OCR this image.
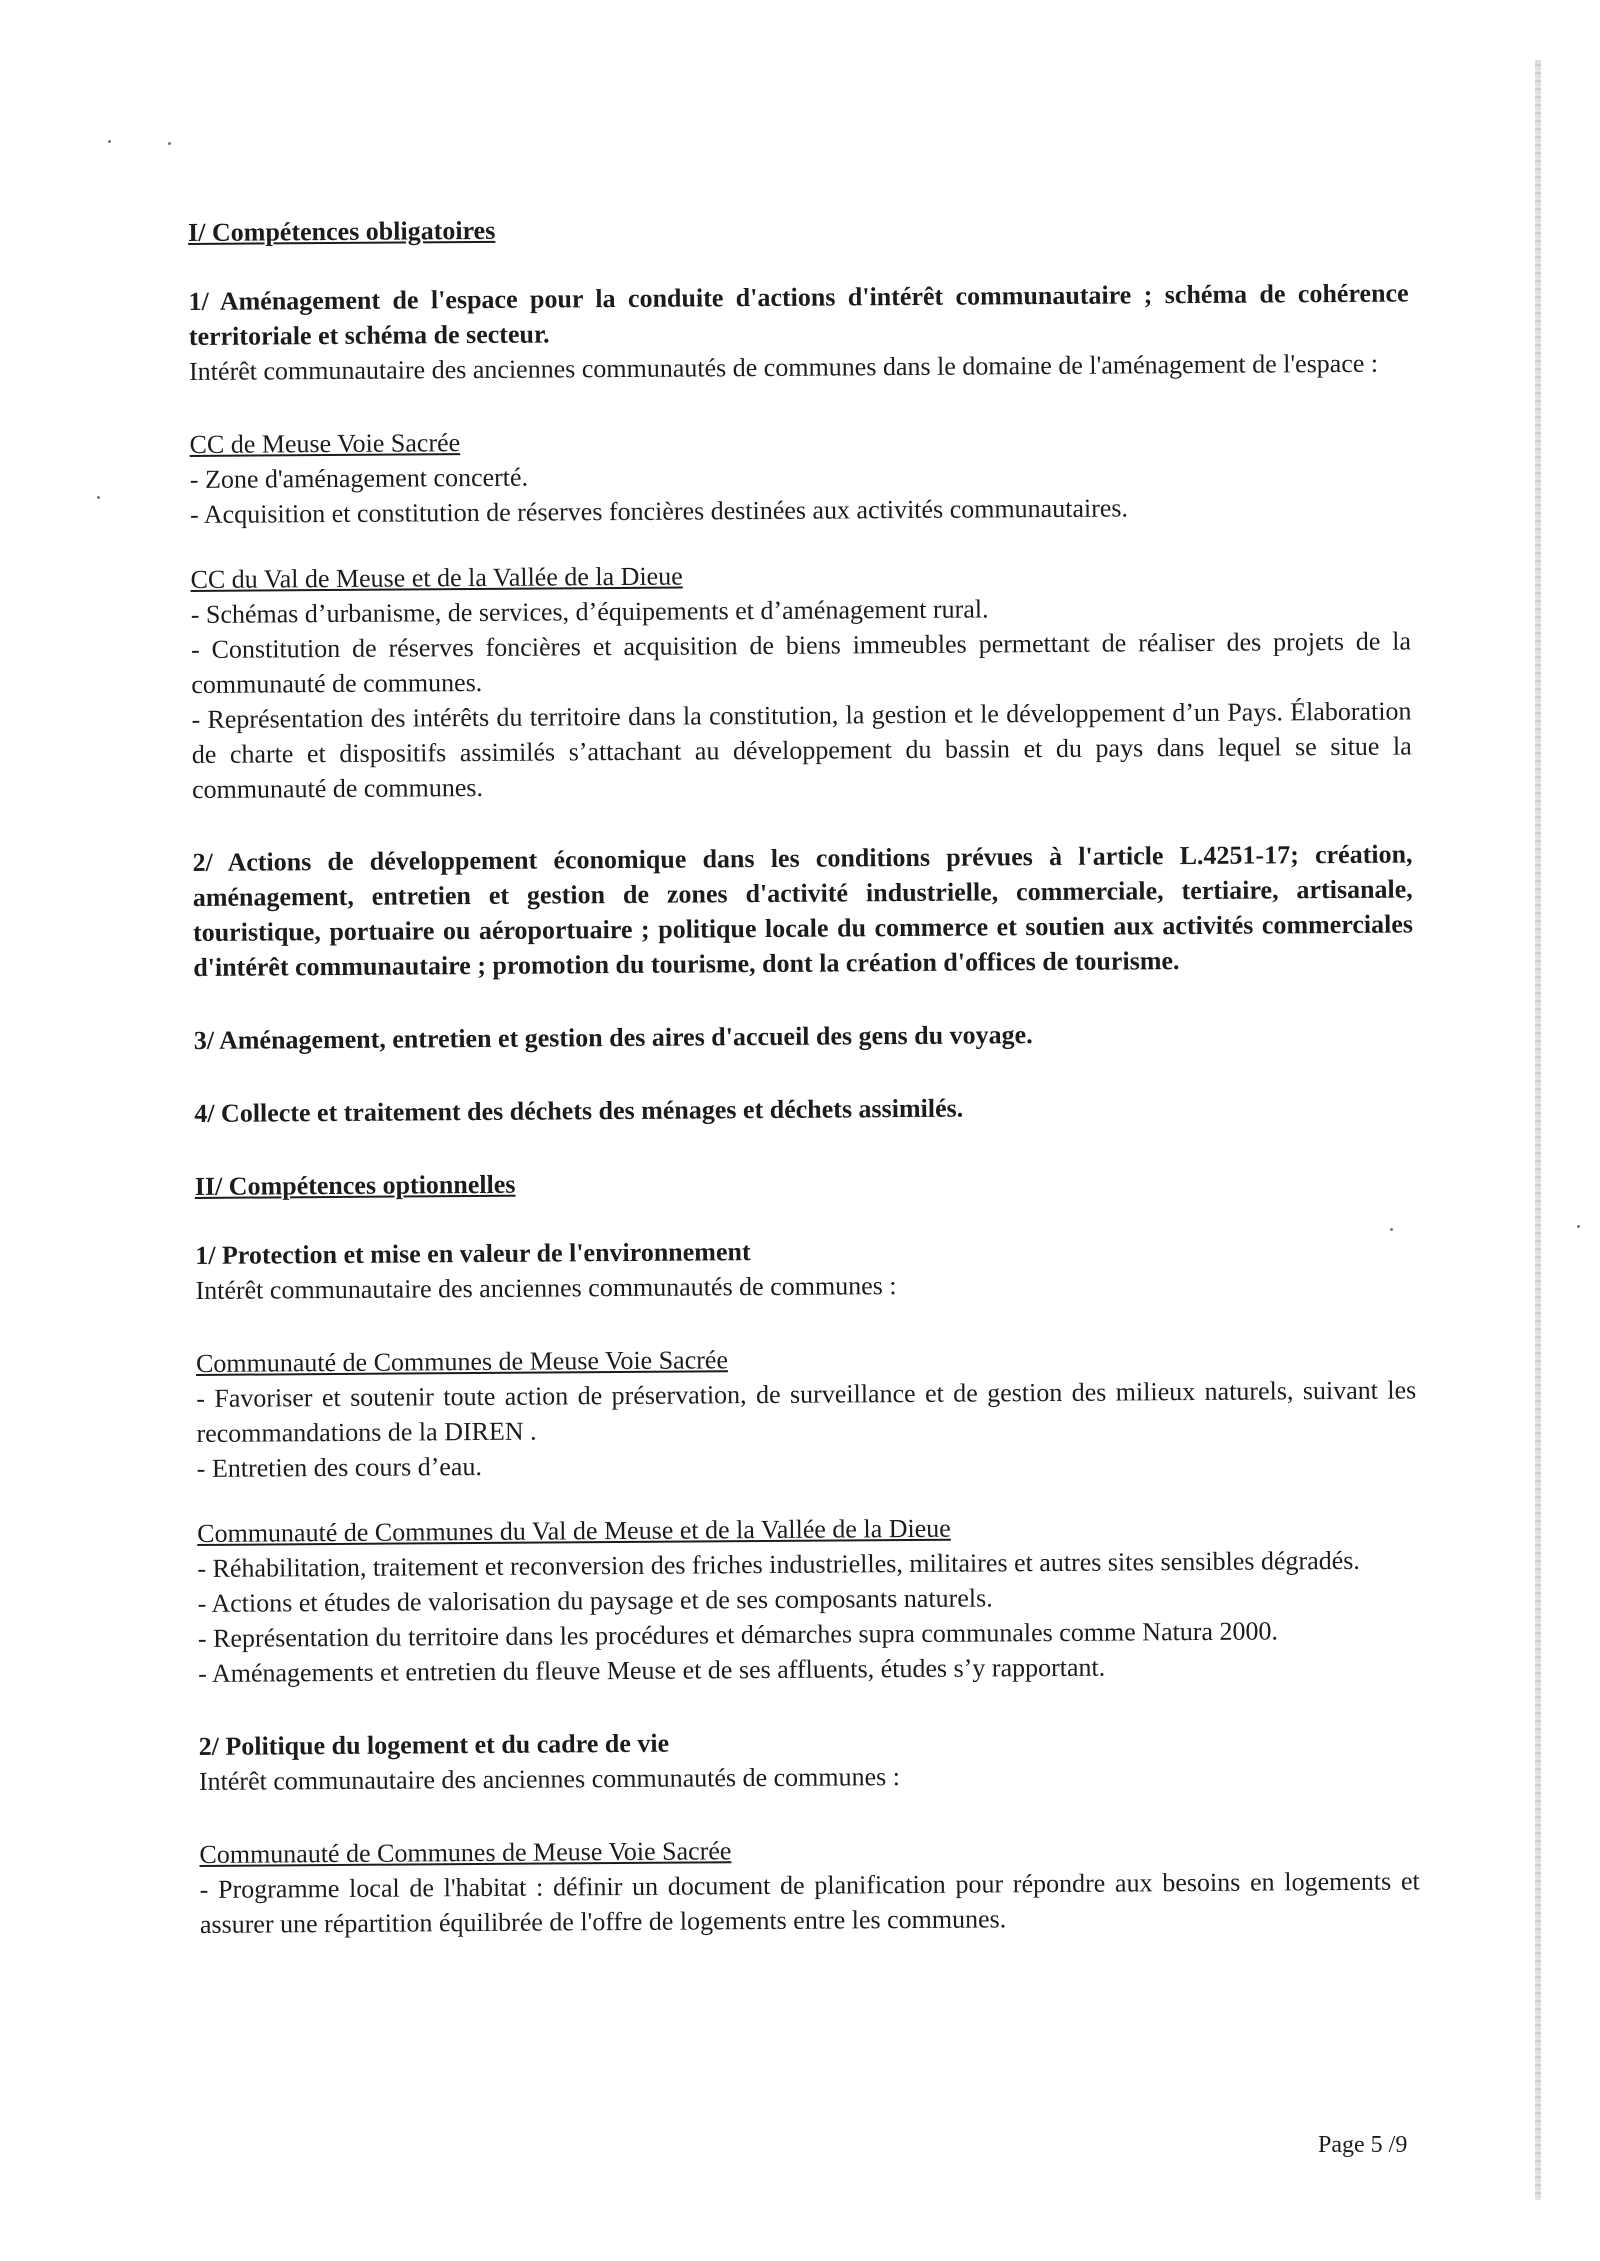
I/ Compétences obligatoires

1/ Aménagement de l'espace pour la conduite d'actions d'intérêt communautaire ; schéma de cohérence territoriale et schéma de secteur.

Intérêt communautaire des anciennes communautés de communes dans le domaine de l'aménagement de l'espace :

CC de Meuse Voie Sacrée

- Zone d'aménagement concerté.

- Acquisition et constitution de réserves foncières destinées aux activités communautaires.

CC du Val de Meuse et de la Vallée de la Dieue

- Schémas d’urbanisme, de services, d’équipements et d’aménagement rural.

- Constitution de réserves foncières et acquisition de biens immeubles permettant de réaliser des projets de la communauté de communes.

- Représentation des intérêts du territoire dans la constitution, la gestion et le développement d’un Pays. Élaboration de charte et dispositifs assimilés s’attachant au développement du bassin et du pays dans lequel se situe la communauté de communes.

2/ Actions de développement économique dans les conditions prévues à l'article L.4251-17; création, aménagement, entretien et gestion de zones d'activité industrielle, commerciale, tertiaire, artisanale, touristique, portuaire ou aéroportuaire ; politique locale du commerce et soutien aux activités commerciales d'intérêt communautaire ; promotion du tourisme, dont la création d'offices de tourisme.

3/ Aménagement, entretien et gestion des aires d'accueil des gens du voyage.

4/ Collecte et traitement des déchets des ménages et déchets assimilés.

II/ Compétences optionnelles

1/ Protection et mise en valeur de l'environnement

Intérêt communautaire des anciennes communautés de communes :

Communauté de Communes de Meuse Voie Sacrée

- Favoriser et soutenir toute action de préservation, de surveillance et de gestion des milieux naturels, suivant les recommandations de la DIREN .

- Entretien des cours d’eau.

Communauté de Communes du Val de Meuse et de la Vallée de la Dieue

- Réhabilitation, traitement et reconversion des friches industrielles, militaires et autres sites sensibles dégradés.

- Actions et études de valorisation du paysage et de ses composants naturels.

- Représentation du territoire dans les procédures et démarches supra communales comme Natura 2000.

- Aménagements et entretien du fleuve Meuse et de ses affluents, études s’y rapportant.

2/ Politique du logement et du cadre de vie

Intérêt communautaire des anciennes communautés de communes :

Communauté de Communes de Meuse Voie Sacrée

- Programme local de l'habitat : définir un document de planification pour répondre aux besoins en logements et assurer une répartition équilibrée de l'offre de logements entre les communes.

Page 5 /9
